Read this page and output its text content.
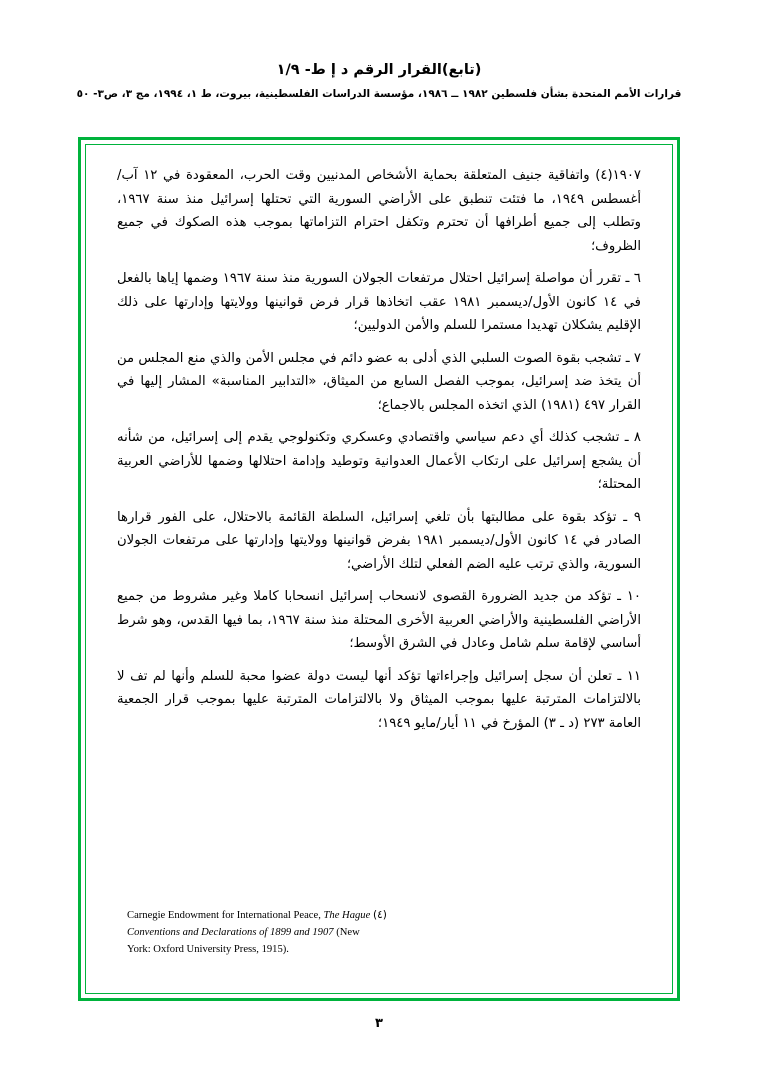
(تابع)القرار الرقم د إ ط- ١/٩
قرارات الأمم المتحدة بشأن فلسطين ١٩٨٢ ــ ١٩٨٦، مؤسسة الدراسات الفلسطينية، بيروت، ط ١، ١٩٩٤، مج ٣، ص٣- ٥٠

١٩٠٧(٤) واتفاقية جنيف المتعلقة بحماية الأشخاص المدنيين وقت الحرب، المعقودة في ١٢ آب/أغسطس ١٩٤٩، ما فتئت تنطبق على الأراضي السورية التي تحتلها إسرائيل منذ سنة ١٩٦٧، وتطلب إلى جميع أطرافها أن تحترم وتكفل احترام التزاماتها بموجب هذه الصكوك في جميع الظروف؛

٦ ـ تقرر أن مواصلة إسرائيل احتلال مرتفعات الجولان السورية منذ سنة ١٩٦٧ وضمها إياها بالفعل في ١٤ كانون الأول/ديسمبر ١٩٨١ عقب اتخاذها قرار فرض قوانينها وولايتها وإدارتها على ذلك الإقليم يشكلان تهديدا مستمرا للسلم والأمن الدوليين؛

٧ ـ تشجب بقوة الصوت السلبي الذي أدلى به عضو دائم في مجلس الأمن والذي منع المجلس من أن يتخذ ضد إسرائيل، بموجب الفصل السابع من الميثاق، «التدابير المناسبة» المشار إليها في القرار ٤٩٧ (١٩٨١) الذي اتخذه المجلس بالاجماع؛

٨ ـ تشجب كذلك أي دعم سياسي واقتصادي وعسكري وتكنولوجي يقدم إلى إسرائيل، من شأنه أن يشجع إسرائيل على ارتكاب الأعمال العدوانية وتوطيد وإدامة احتلالها وضمها للأراضي العربية المحتلة؛

٩ ـ تؤكد بقوة على مطالبتها بأن تلغي إسرائيل، السلطة القائمة بالاحتلال، على الفور قرارها الصادر في ١٤ كانون الأول/ديسمبر ١٩٨١ بفرض قوانينها وولايتها وإدارتها على مرتفعات الجولان السورية، والذي ترتب عليه الضم الفعلي لتلك الأراضي؛

١٠ ـ تؤكد من جديد الضرورة القصوى لانسحاب إسرائيل انسحابا كاملا وغير مشروط من جميع الأراضي الفلسطينية والأراضي العربية الأخرى المحتلة منذ سنة ١٩٦٧، بما فيها القدس، وهو شرط أساسي لإقامة سلم شامل وعادل في الشرق الأوسط؛

١١ ـ تعلن أن سجل إسرائيل وإجراءاتها تؤكد أنها ليست دولة عضوا محبة للسلم وأنها لم تف لا بالالتزامات المترتبة عليها بموجب الميثاق ولا بالالتزامات المترتبة عليها بموجب قرار الجمعية العامة ٢٧٣ (د ـ ٣) المؤرخ في ١١ أيار/مايو ١٩٤٩؛

Carnegie Endowment for International Peace, The Hague (٤)
Conventions and Declarations of 1899 and 1907 (New
York: Oxford University Press, 1915).
٣
